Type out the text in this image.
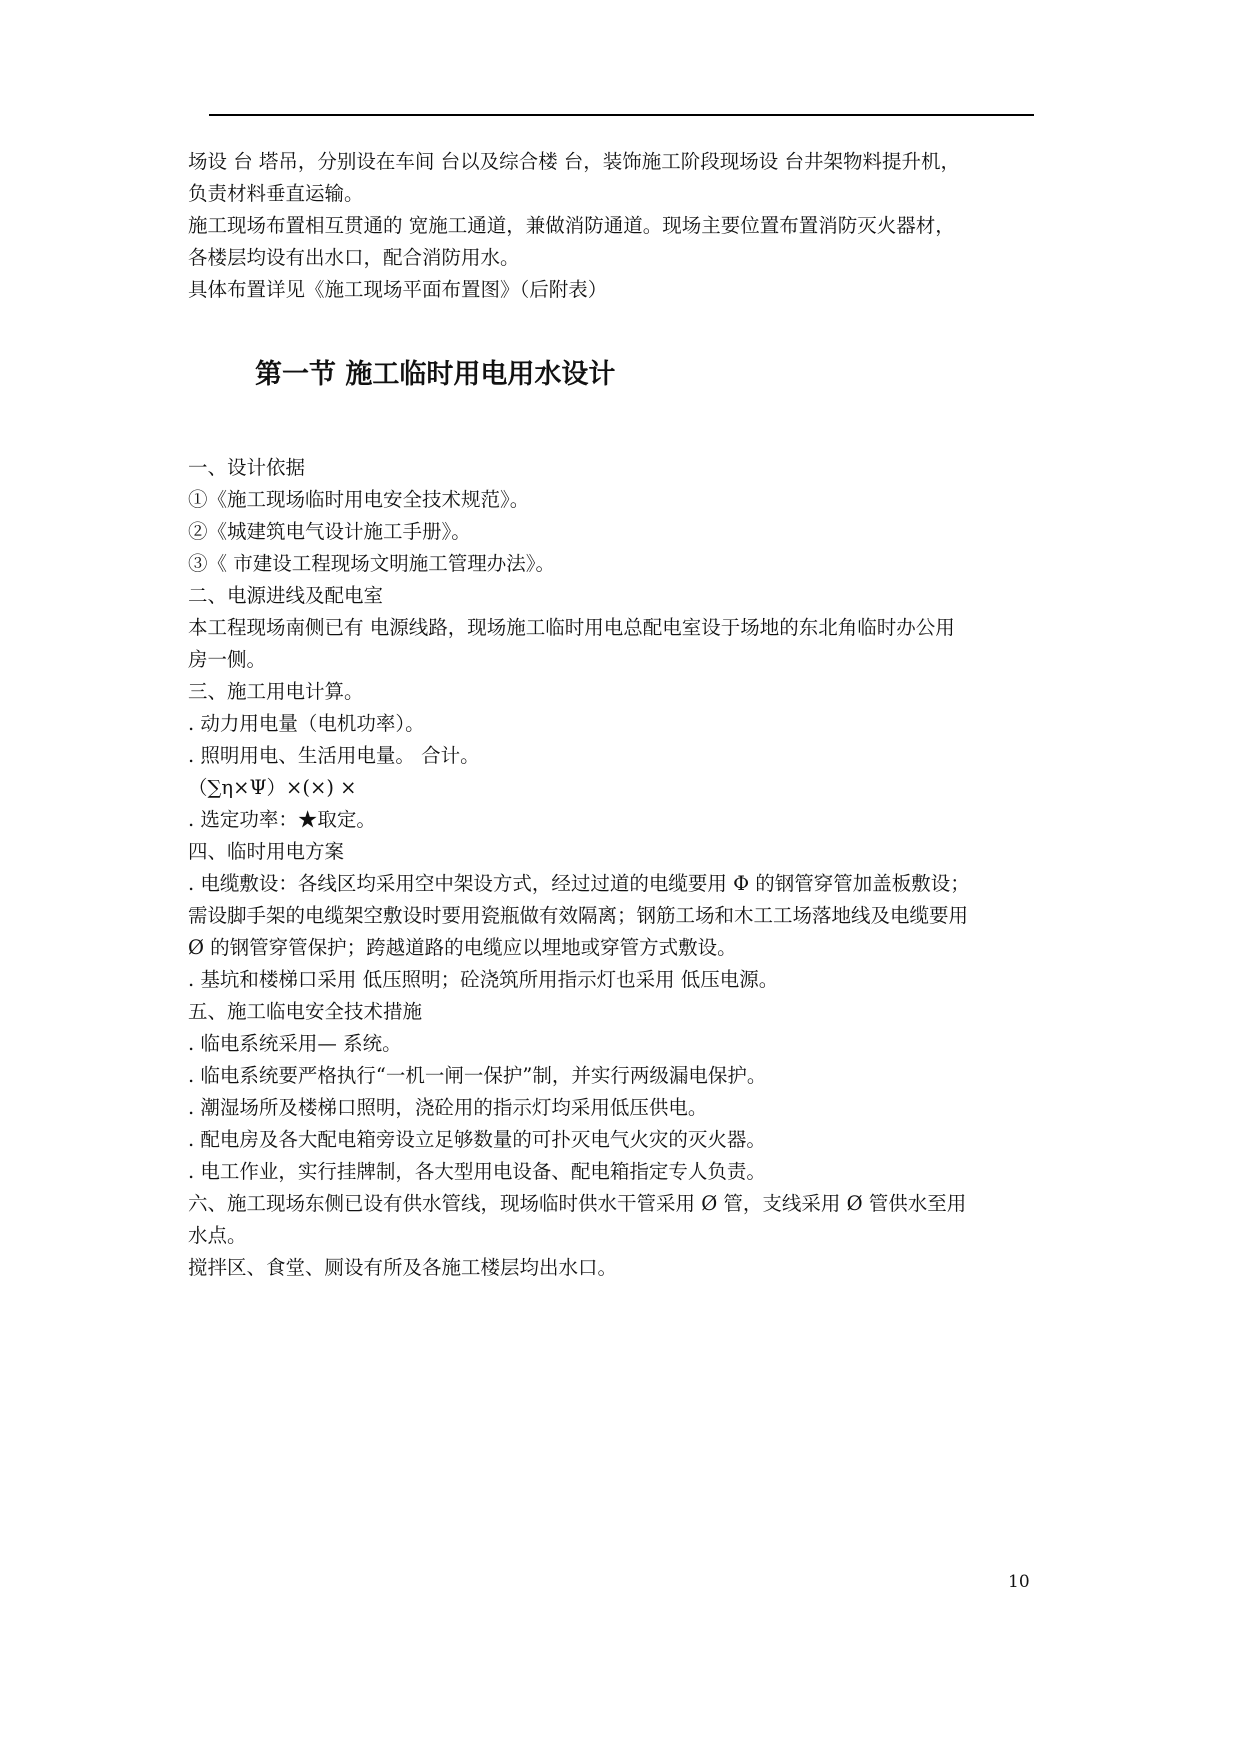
场设 台 塔吊，分别设在车间 台以及综合楼 台，装饰施工阶段现场设 台井架物料提升机，
负责材料垂直运输。
施工现场布置相互贯通的 宽施工通道，兼做消防通道。现场主要位置布置消防灭火器材，
各楼层均设有出水口，配合消防用水。
具体布置详见《施工现场平面布置图》（后附表）
第一节 施工临时用电用水设计
一、设计依据
①《施工现场临时用电安全技术规范》。
②《城建筑电气设计施工手册》。
③《 市建设工程现场文明施工管理办法》。
二、电源进线及配电室
本工程现场南侧已有 电源线路，现场施工临时用电总配电室设于场地的东北角临时办公用
房一侧。
三、施工用电计算。
. 动力用电量（电机功率）。
. 照明用电、生活用电量。 合计。
（∑η×Ψ）×(×) ×
. 选定功率：★取定。
四、临时用电方案
. 电缆敷设：各线区均采用空中架设方式，经过过道的电缆要用 Φ 的钢管穿管加盖板敷设；
需设脚手架的电缆架空敷设时要用瓷瓶做有效隔离；钢筋工场和木工工场落地线及电缆要用
Ø 的钢管穿管保护；跨越道路的电缆应以埋地或穿管方式敷设。
. 基坑和楼梯口采用 低压照明；砼浇筑所用指示灯也采用 低压电源。
五、施工临电安全技术措施
. 临电系统采用— 系统。
. 临电系统要严格执行“一机一闸一保护”制，并实行两级漏电保护。
. 潮湿场所及楼梯口照明，浇砼用的指示灯均采用低压供电。
. 配电房及各大配电箱旁设立足够数量的可扑灭电气火灾的灭火器。
. 电工作业，实行挂牌制，各大型用电设备、配电箱指定专人负责。
六、施工现场东侧已设有供水管线，现场临时供水干管采用 Ø 管，支线采用 Ø 管供水至用
水点。
搅拌区、食堂、厕设有所及各施工楼层均出水口。
10
